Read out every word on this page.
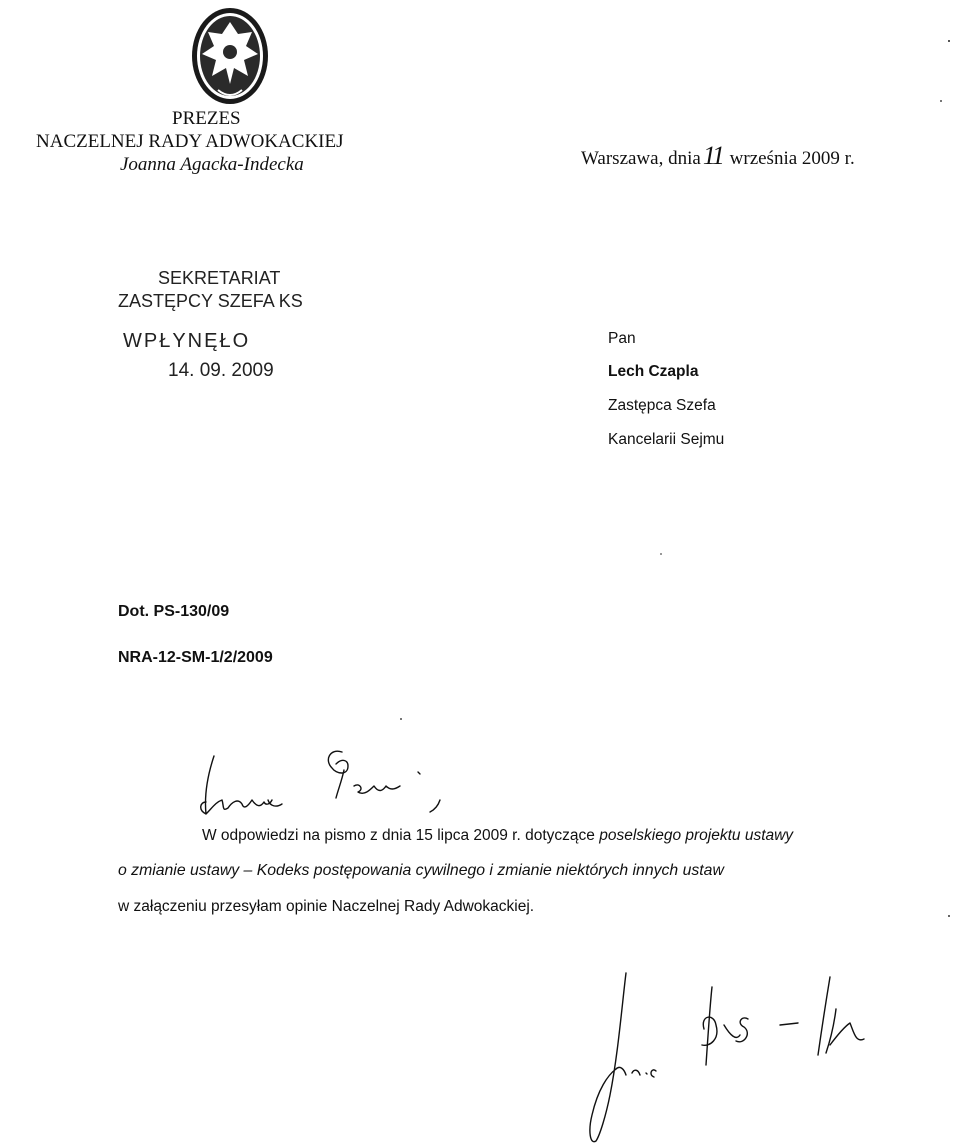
PREZES
NACZELNEJ RADY ADWOKACKIEJ
Joanna Agacka-Indecka	Warszawa, dnia11 września 2009 r.
SEKRETARIAT
ZASTĘPCY SZEFA KS
WPŁYNĘŁO
14. 09. 2009
Pan
Lech Czapla
Zastępca Szefa
Kancelarii Sejmu
Dot. PS-130/09
NRA-12-SM-1/2/2009
W odpowiedzi na pismo z dnia 15 lipca 2009 r. dotyczące poselskiego projektu ustawy
o zmianie ustawy – Kodeks postępowania cywilnego i zmianie niektórych innych ustaw
w załączeniu przesyłam opinie Naczelnej Rady Adwokackiej.
